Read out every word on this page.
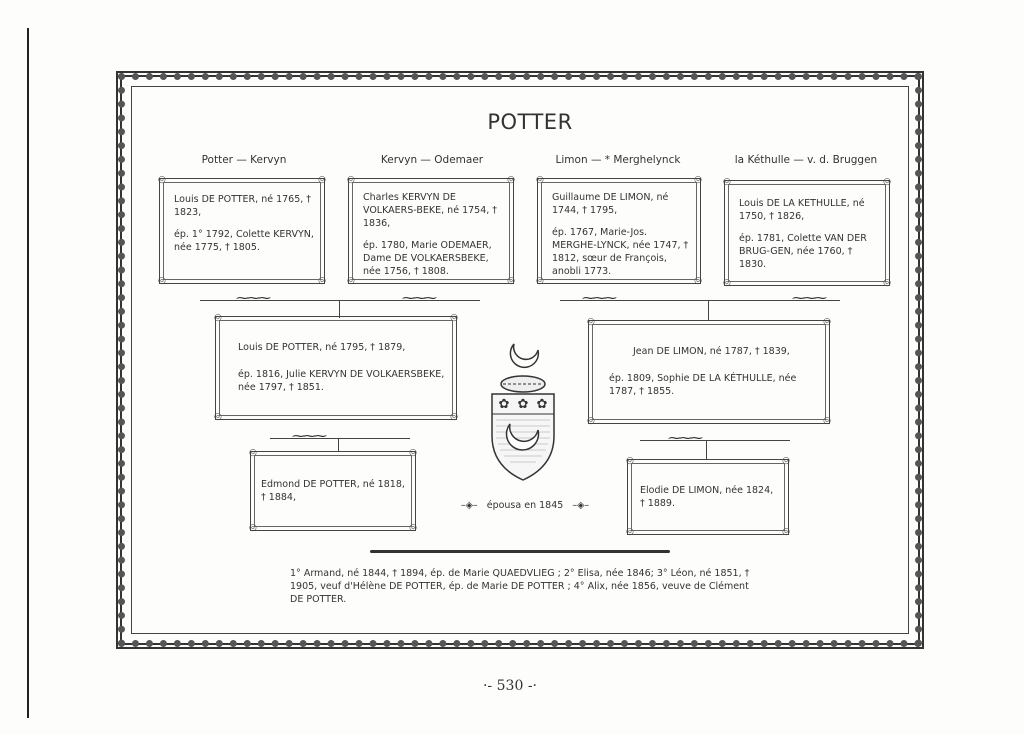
POTTER
Potter — Kervyn	Kervyn — Odemaer	Limon — * Merghelynck	la Kéthulle — v. d. Bruggen
◎	◎
◎	◎

Louis DE POTTER, né 1765, † 1823,

ép. 1° 1792, Colette KERVYN, née 1775, † 1805.

◎	◎
◎	◎

Charles KERVYN DE VOLKAERS-BEKE, né 1754, † 1836,

ép. 1780, Marie ODEMAER, Dame DE VOLKAERSBEKE, née 1756, † 1808.

◎	◎
◎	◎

Guillaume DE LIMON, né 1744, † 1795,

ép. 1767, Marie-Jos. MERGHE-LYNCK, née 1747, † 1812, sœur de François, anobli 1773.

◎	◎
◎	◎

Louis DE LA KETHULLE, né 1750, † 1826,

ép. 1781, Colette VAN DER BRUG-GEN, née 1760, † 1830.

⁓⁓⁓	⁓⁓⁓	⁓⁓⁓	⁓⁓⁓
◎	◎
◎	◎

Louis DE POTTER, né 1795, † 1879,

ép. 1816, Julie KERVYN DE VOLKAERSBEKE, née 1797, † 1851.

◎	◎
◎	◎

Jean DE LIMON, né 1787, † 1839,

ép. 1809, Sophie DE LA KÉTHULLE, née 1787, † 1855.

✿ ✿ ✿
⁓⁓⁓	⁓⁓⁓
◎	◎
◎	◎

Edmond DE POTTER, né 1818, † 1884,

◎	◎
◎	◎

Elodie DE LIMON, née 1824, † 1889.

–◈– épousa en 1845 –◈–
1° Armand, né 1844, † 1894, ép. de Marie QUAEDVLIEG ; 2° Elisa, née 1846; 3° Léon, né 1851, † 1905, veuf d'Hélène DE POTTER, ép. de Marie DE POTTER ; 4° Alix, née 1856, veuve de Clément DE POTTER.
·- 530 -·
